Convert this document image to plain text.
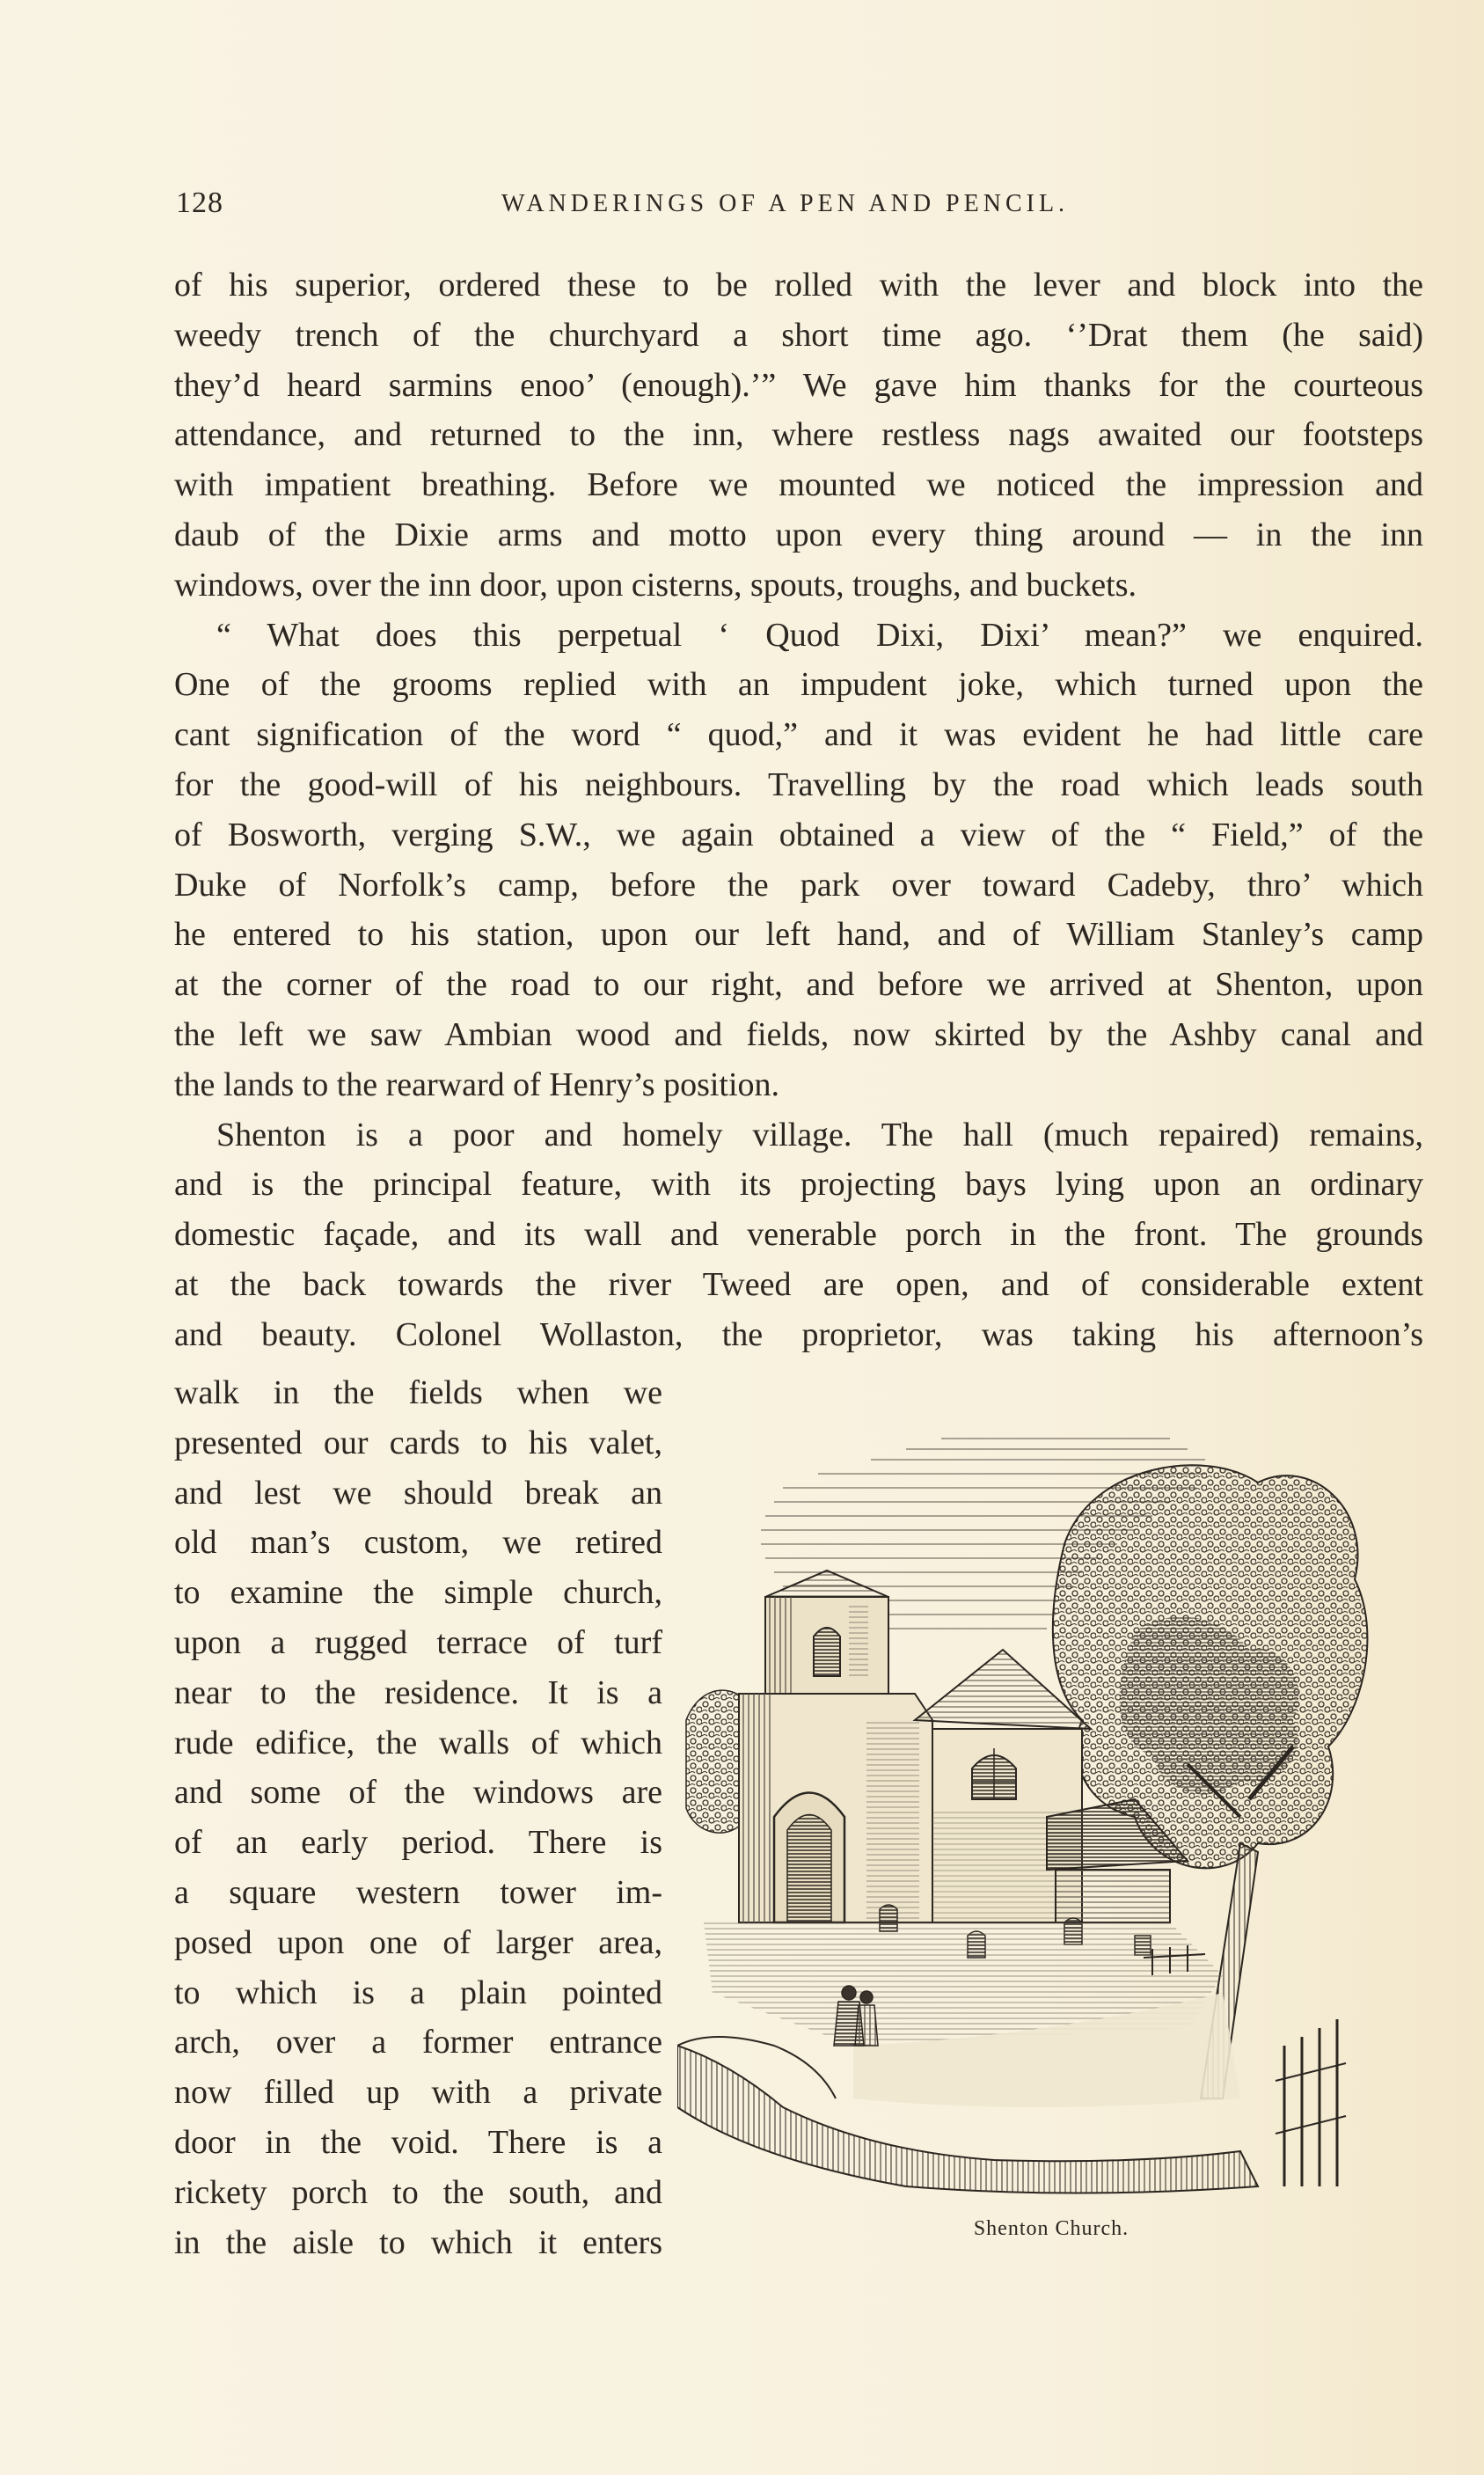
128	WANDERINGS OF A PEN AND PENCIL.
of his superior, ordered these to be rolled with the lever and block into the
weedy trench of the churchyard a short time ago. ‘’Drat them (he said)
they’d heard sarmins enoo’ (enough).’” We gave him thanks for the courteous
attendance, and returned to the inn, where restless nags awaited our footsteps
with impatient breathing. Before we mounted we noticed the impression and
daub of the Dixie arms and motto upon every thing around — in the inn
windows, over the inn door, upon cisterns, spouts, troughs, and buckets.
“ What does this perpetual ‘ Quod Dixi, Dixi’ mean?” we enquired.
One of the grooms replied with an impudent joke, which turned upon the
cant signification of the word “ quod,” and it was evident he had little care
for the good-will of his neighbours. Travelling by the road which leads south
of Bosworth, verging S.W., we again obtained a view of the “ Field,” of the
Duke of Norfolk’s camp, before the park over toward Cadeby, thro’ which
he entered to his station, upon our left hand, and of William Stanley’s camp
at the corner of the road to our right, and before we arrived at Shenton, upon
the left we saw Ambian wood and fields, now skirted by the Ashby canal and
the lands to the rearward of Henry’s position.
Shenton is a poor and homely village. The hall (much repaired) remains,
and is the principal feature, with its projecting bays lying upon an ordinary
domestic façade, and its wall and venerable porch in the front. The grounds
at the back towards the river Tweed are open, and of considerable extent
and beauty. Colonel Wollaston, the proprietor, was taking his afternoon’s
walk in the fields when we
presented our cards to his valet,
and lest we should break an
old man’s custom, we retired
to examine the simple church,
upon a rugged terrace of turf
near to the residence. It is a
rude edifice, the walls of which
and some of the windows are
of an early period. There is
a square western tower im-
posed upon one of larger area,
to which is a plain pointed
arch, over a former entrance
now filled up with a private
door in the void. There is a
rickety porch to the south, and
in the aisle to which it enters	Shenton Church.
